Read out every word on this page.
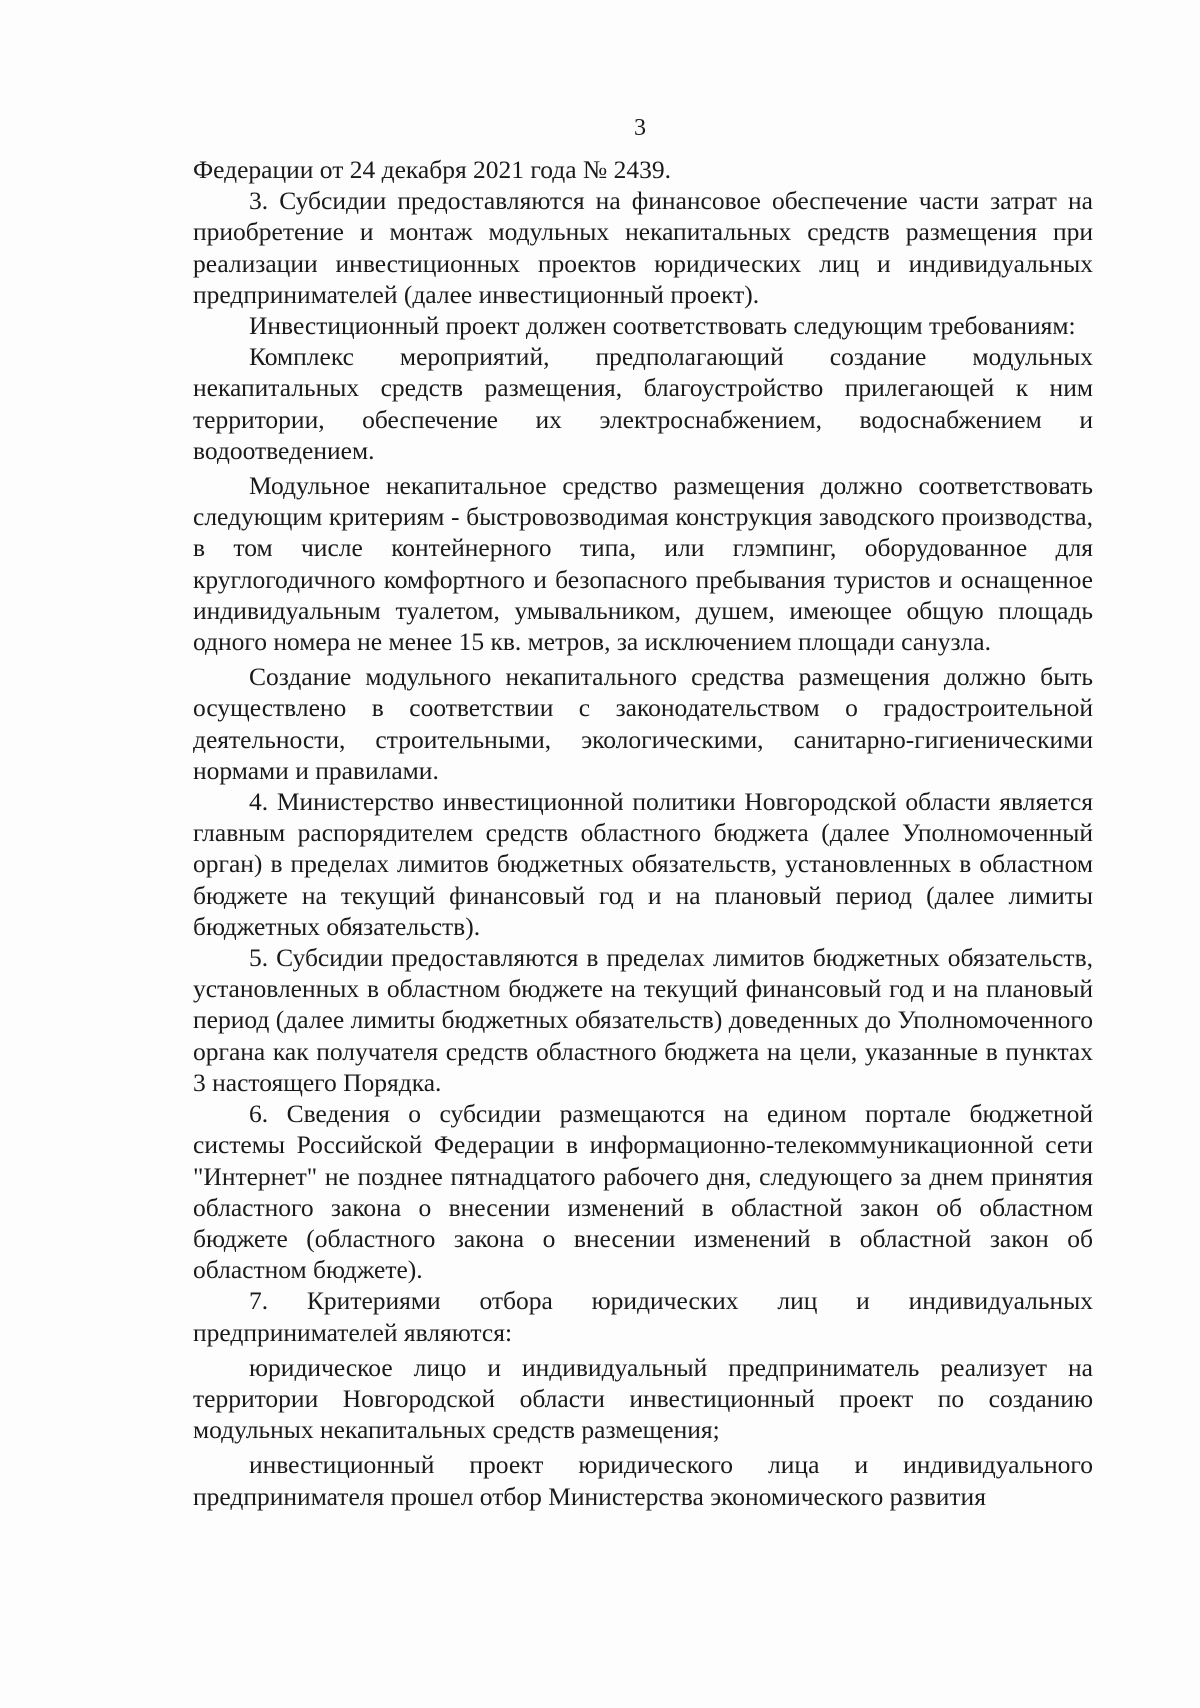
3

Федерации от 24 декабря 2021 года № 2439.

3. Субсидии предоставляются на финансовое обеспечение части затрат на приобретение и монтаж модульных некапитальных средств размещения при реализации инвестиционных проектов юридических лиц и индивидуальных предпринимателей (далее инвестиционный проект).

Инвестиционный проект должен соответствовать следующим требованиям:

Комплекс мероприятий, предполагающий создание модульных некапитальных средств размещения, благоустройство прилегающей к ним территории, обеспечение их электроснабжением, водоснабжением и водоотведением.

Модульное некапитальное средство размещения должно соответствовать следующим критериям - быстровозводимая конструкция заводского производства, в том числе контейнерного типа, или глэмпинг, оборудованное для круглогодичного комфортного и безопасного пребывания туристов и оснащенное индивидуальным туалетом, умывальником, душем, имеющее общую площадь одного номера не менее 15 кв. метров, за исключением площади санузла.

Создание модульного некапитального средства размещения должно быть осуществлено в соответствии с законодательством о градостроительной деятельности, строительными, экологическими, санитарно-гигиеническими нормами и правилами.

4. Министерство инвестиционной политики Новгородской области является главным распорядителем средств областного бюджета (далее Уполномоченный орган) в пределах лимитов бюджетных обязательств, установленных в областном бюджете на текущий финансовый год и на плановый период (далее лимиты бюджетных обязательств).

5. Субсидии предоставляются в пределах лимитов бюджетных обязательств, установленных в областном бюджете на текущий финансовый год и на плановый период (далее лимиты бюджетных обязательств) доведенных до Уполномоченного органа как получателя средств областного бюджета на цели, указанные в пунктах 3 настоящего Порядка.

6. Сведения о субсидии размещаются на едином портале бюджетной системы Российской Федерации в информационно-телекоммуникационной сети "Интернет" не позднее пятнадцатого рабочего дня, следующего за днем принятия областного закона о внесении изменений в областной закон об областном бюджете (областного закона о внесении изменений в областной закон об областном бюджете).

7. Критериями отбора юридических лиц и индивидуальных предпринимателей являются:

юридическое лицо и индивидуальный предприниматель реализует на территории Новгородской области инвестиционный проект по созданию модульных некапитальных средств размещения;

инвестиционный проект юридического лица и индивидуального предпринимателя прошел отбор Министерства экономического развития
